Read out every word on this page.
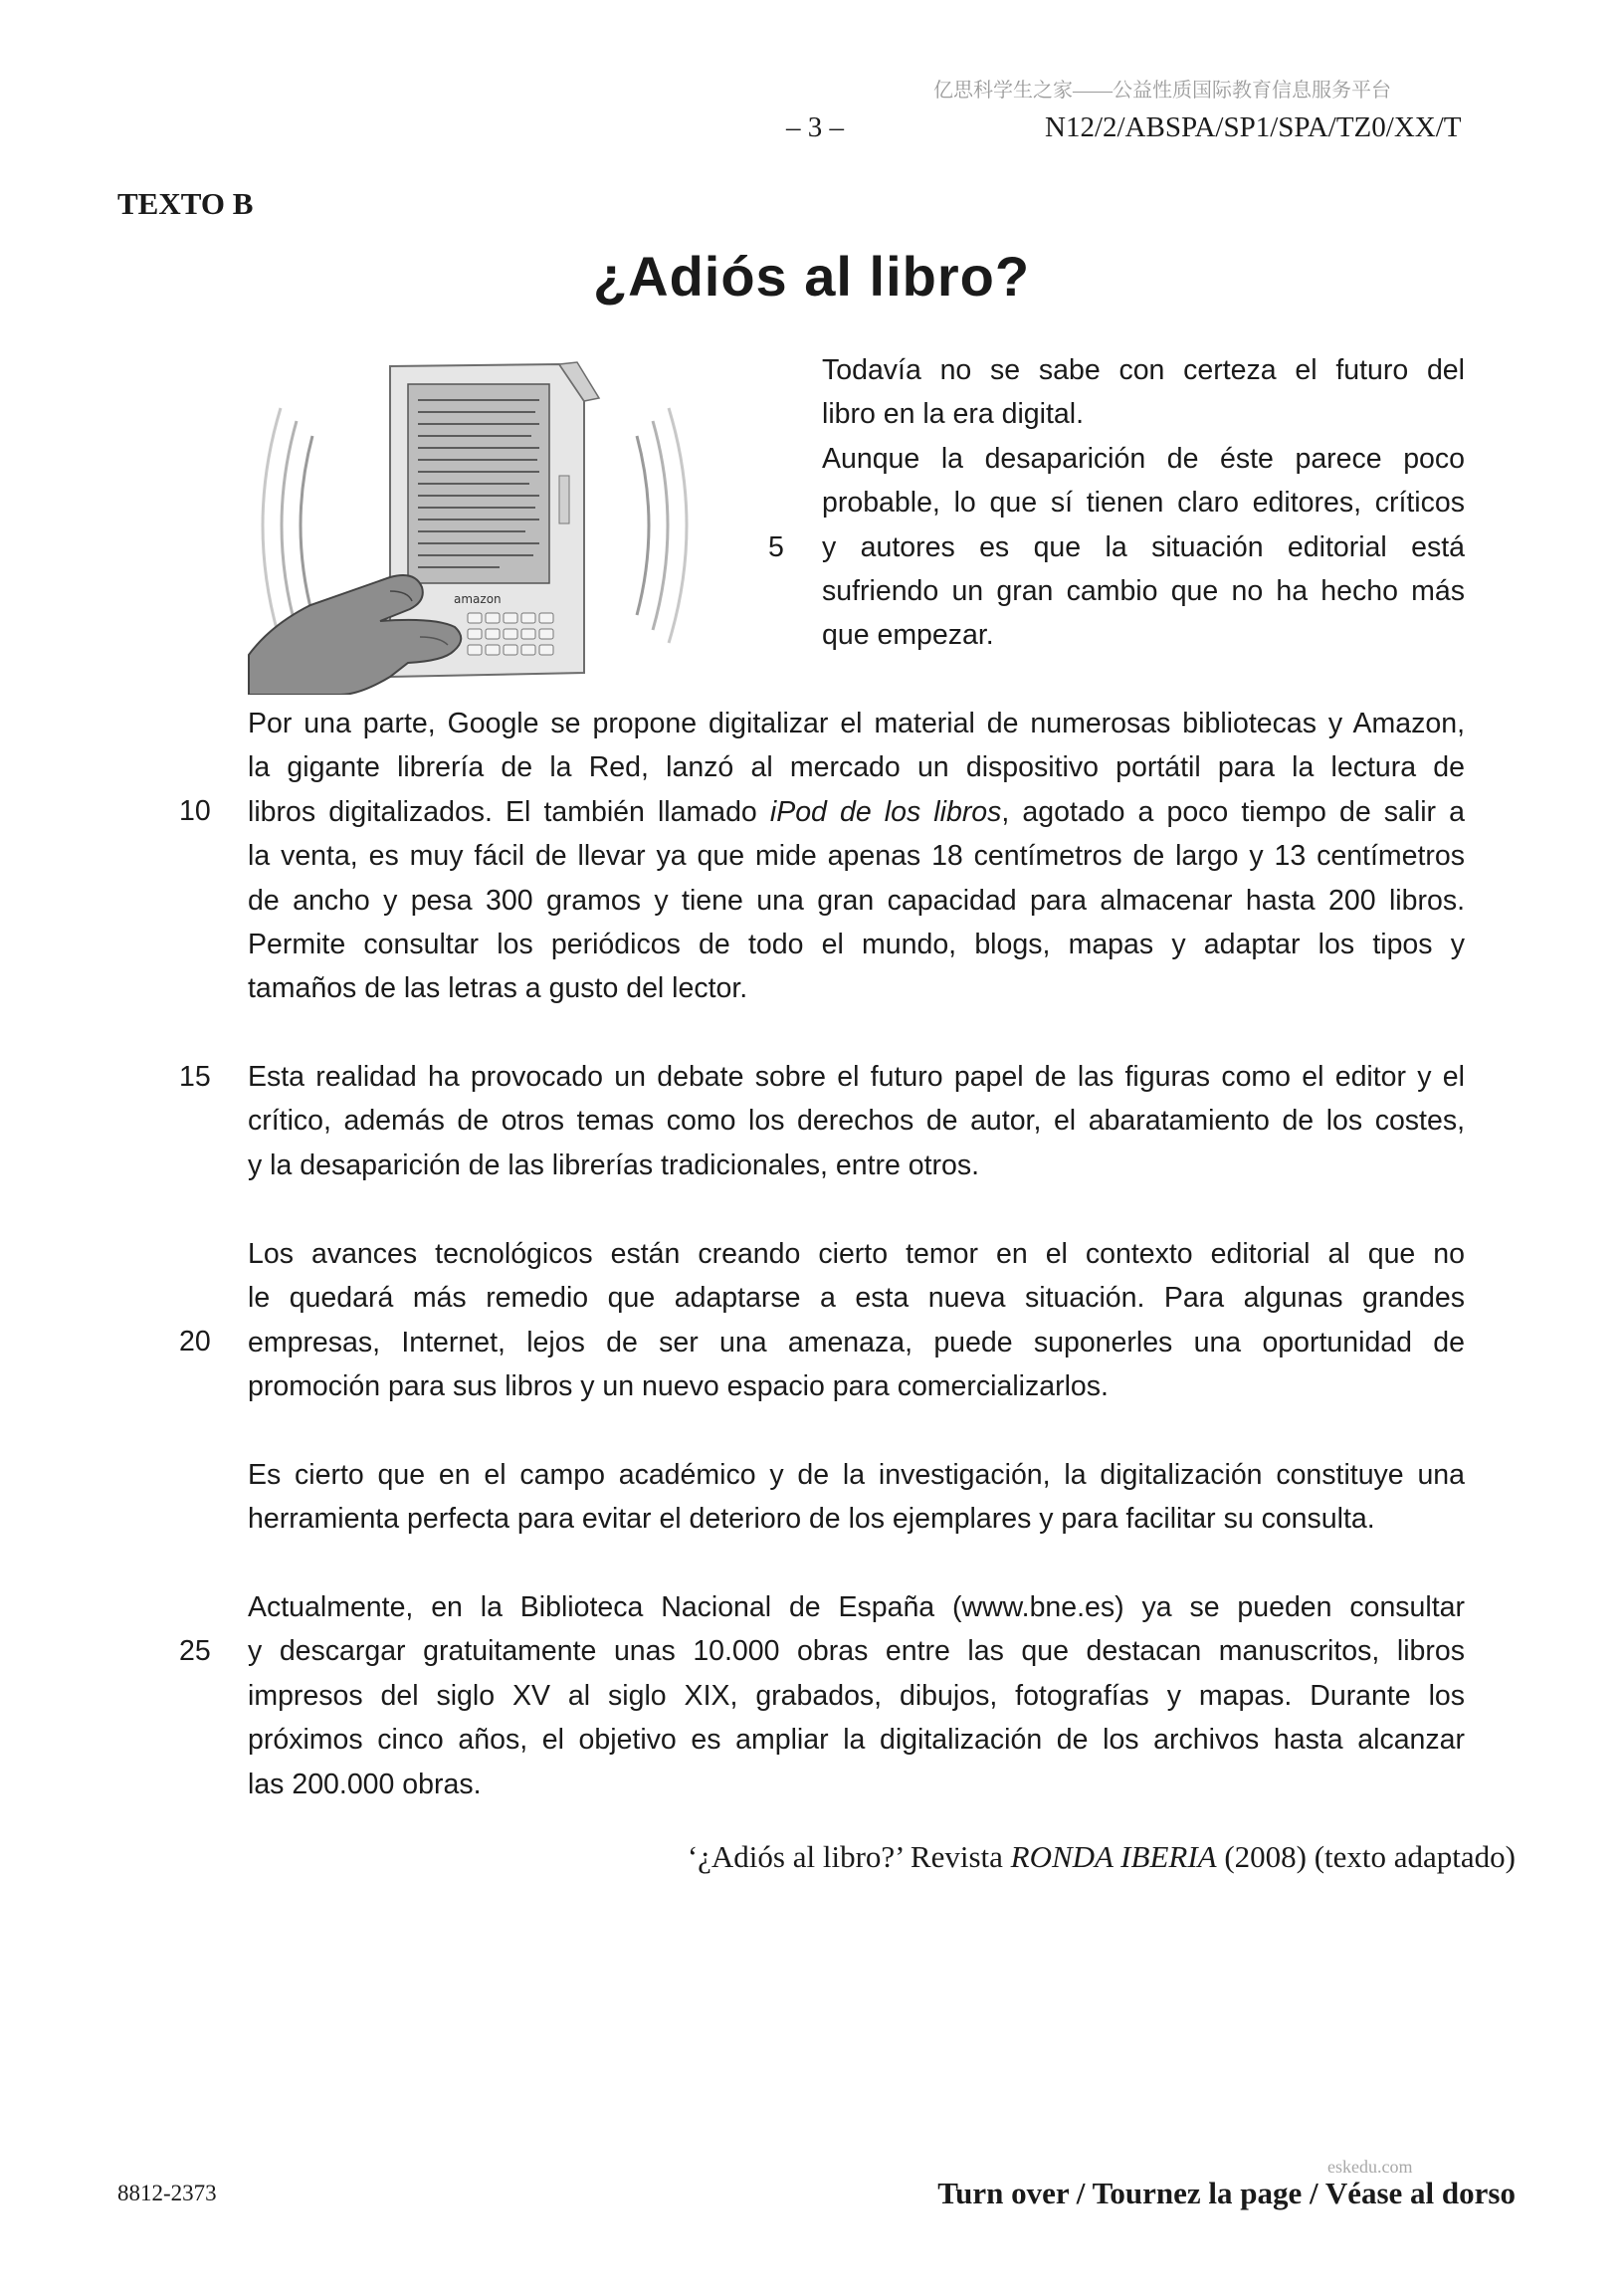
亿思科学生之家——公益性质国际教育信息服务平台
– 3 –	N12/2/ABSPA/SP1/SPA/TZ0/XX/T
TEXTO B
¿Adiós al libro?
amazon
Todavía no se sabe con certeza el futuro del
libro en la era digital.
Aunque la desaparición de éste parece poco
probable, lo que sí tienen claro editores, críticos
y autores es que la situación editorial está
sufriendo un gran cambio que no ha hecho más
que empezar.
5
Por una parte, Google se propone digitalizar el material de numerosas bibliotecas y Amazon,
la gigante librería de la Red, lanzó al mercado un dispositivo portátil para la lectura de
libros digitalizados. El también llamado iPod de los libros, agotado a poco tiempo de salir a
la venta, es muy fácil de llevar ya que mide apenas 18 centímetros de largo y 13 centímetros
de ancho y pesa 300 gramos y tiene una gran capacidad para almacenar hasta 200 libros.
Permite consultar los periódicos de todo el mundo, blogs, mapas y adaptar los tipos y
tamaños de las letras a gusto del lector.
10
Esta realidad ha provocado un debate sobre el futuro papel de las figuras como el editor y el
crítico, además de otros temas como los derechos de autor, el abaratamiento de los costes,
y la desaparición de las librerías tradicionales, entre otros.
15
Los avances tecnológicos están creando cierto temor en el contexto editorial al que no
le quedará más remedio que adaptarse a esta nueva situación. Para algunas grandes
empresas, Internet, lejos de ser una amenaza, puede suponerles una oportunidad de
promoción para sus libros y un nuevo espacio para comercializarlos.
20
Es cierto que en el campo académico y de la investigación, la digitalización constituye una
herramienta perfecta para evitar el deterioro de los ejemplares y para facilitar su consulta.
Actualmente, en la Biblioteca Nacional de España (www.bne.es) ya se pueden consultar
y descargar gratuitamente unas 10.000 obras entre las que destacan manuscritos, libros
impresos del siglo XV al siglo XIX, grabados, dibujos, fotografías y mapas. Durante los
próximos cinco años, el objetivo es ampliar la digitalización de los archivos hasta alcanzar
las 200.000 obras.
25
‘¿Adiós al libro?’ Revista RONDA IBERIA (2008) (texto adaptado)
8812-2373
eskedu.com
Turn over / Tournez la page / Véase al dorso
